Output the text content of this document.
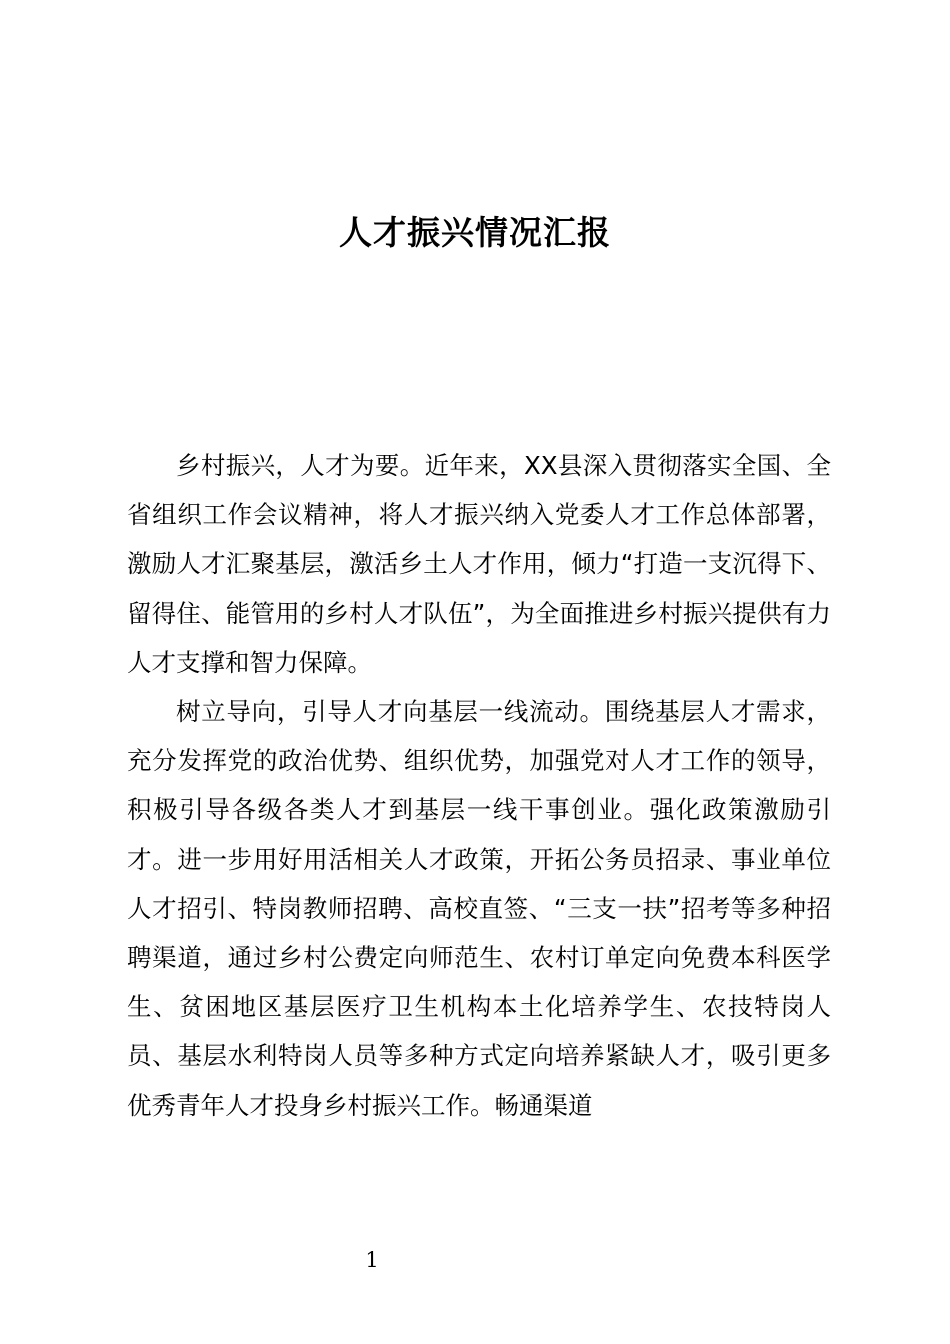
人才振兴情况汇报

乡村振兴，人才为要。近年来，XX县深入贯彻落实全国、全省组织工作会议精神，将人才振兴纳入党委人才工作总体部署，激励人才汇聚基层，激活乡土人才作用，倾力“打造一支沉得下、留得住、能管用的乡村人才队伍”，为全面推进乡村振兴提供有力人才支撑和智力保障。

树立导向，引导人才向基层一线流动。围绕基层人才需求，充分发挥党的政治优势、组织优势，加强党对人才工作的领导，积极引导各级各类人才到基层一线干事创业。强化政策激励引才。进一步用好用活相关人才政策，开拓公务员招录、事业单位人才招引、特岗教师招聘、高校直签、“三支一扶”招考等多种招聘渠道，通过乡村公费定向师范生、农村订单定向免费本科医学生、贫困地区基层医疗卫生机构本土化培养学生、农技特岗人员、基层水利特岗人员等多种方式定向培养紧缺人才，吸引更多优秀青年人才投身乡村振兴工作。畅通渠道

1
